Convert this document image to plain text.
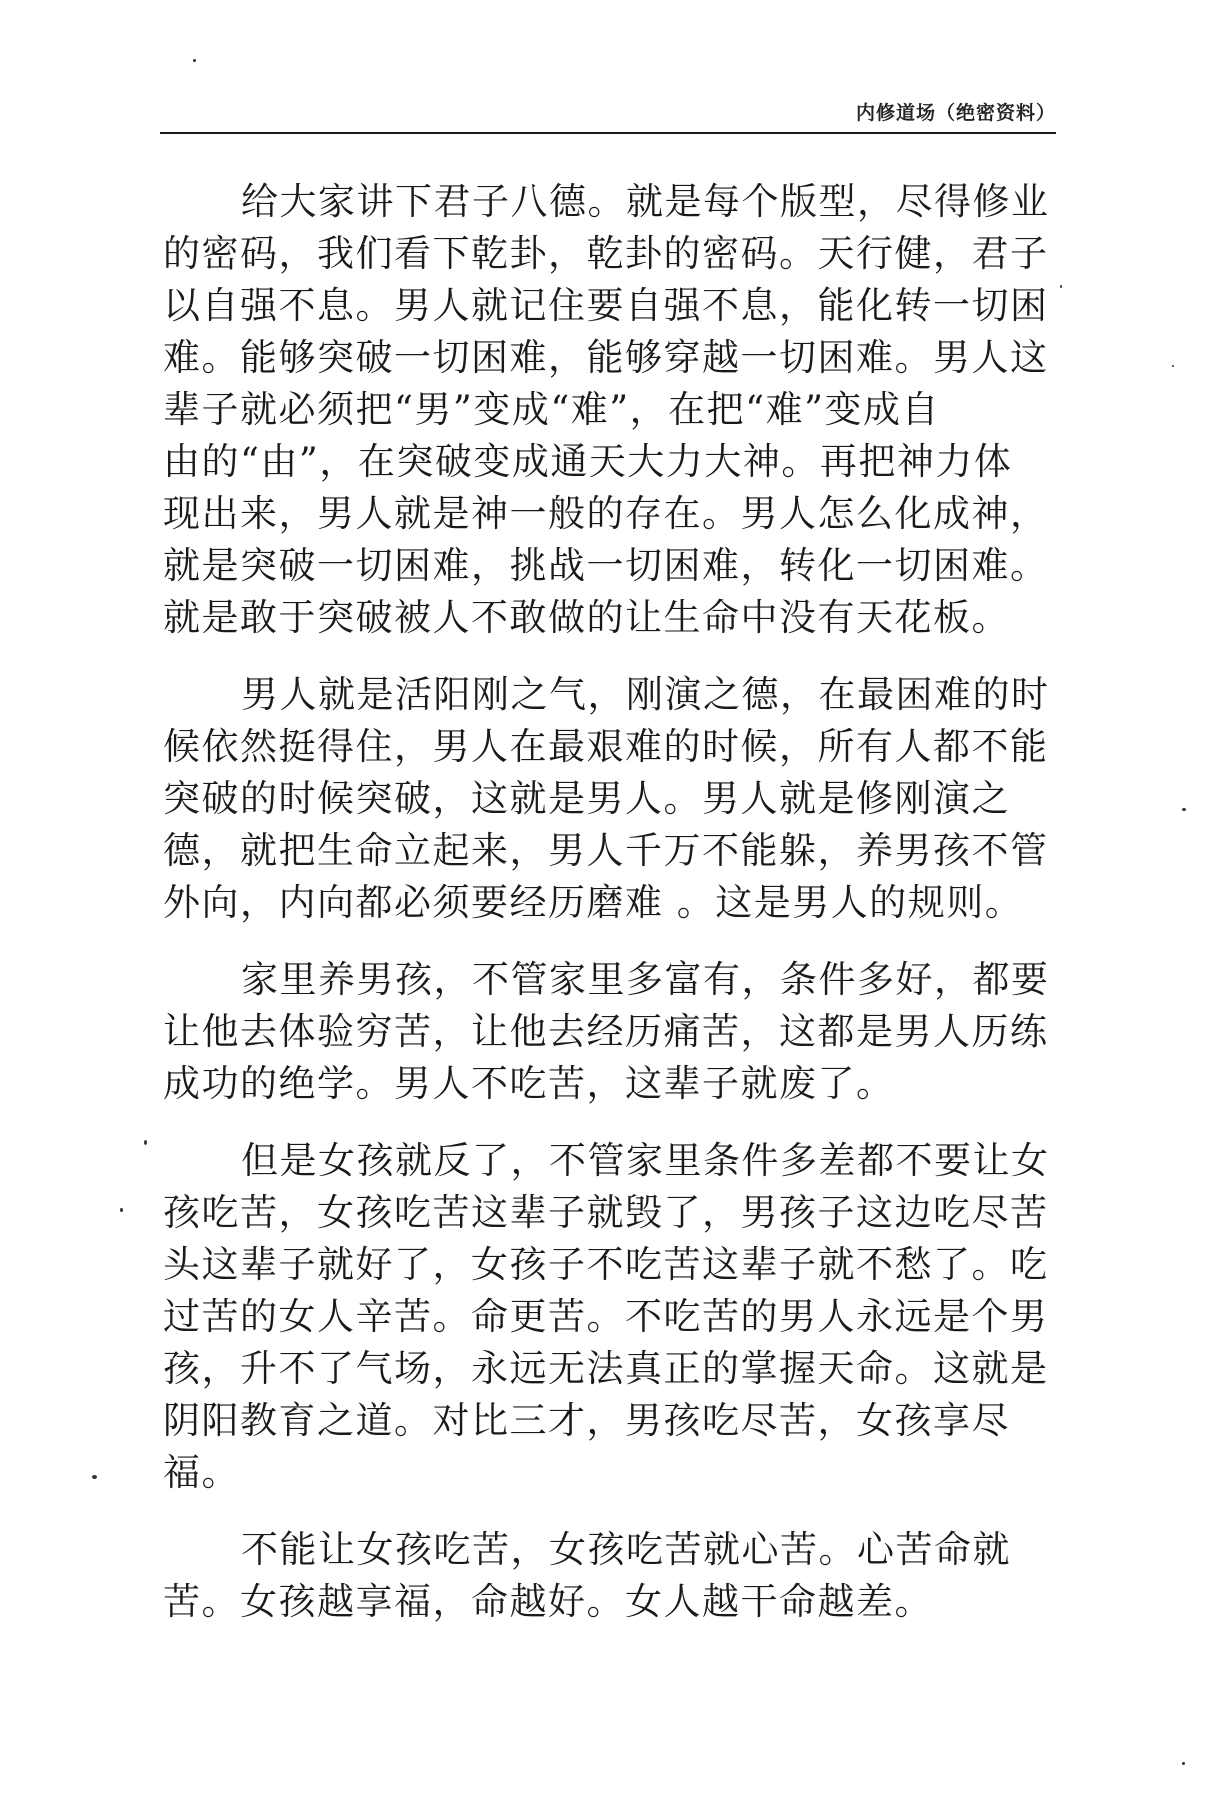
内修道场（绝密资料）
给大家讲下君子八德。就是每个版型，尽得修业
的密码，我们看下乾卦，乾卦的密码。天行健，君子
以自强不息。男人就记住要自强不息，能化转一切困
难。能够突破一切困难，能够穿越一切困难。男人这
辈子就必须把“男”变成“难”，在把“难”变成自
由的“由”，在突破变成通天大力大神。再把神力体
现出来，男人就是神一般的存在。男人怎么化成神，
就是突破一切困难，挑战一切困难，转化一切困难。
就是敢于突破被人不敢做的让生命中没有天花板。
男人就是活阳刚之气，刚演之德，在最困难的时
候依然挺得住，男人在最艰难的时候，所有人都不能
突破的时候突破，这就是男人。男人就是修刚演之
德，就把生命立起来，男人千万不能躲，养男孩不管
外向，内向都必须要经历磨难 。这是男人的规则。
家里养男孩，不管家里多富有，条件多好，都要
让他去体验穷苦，让他去经历痛苦，这都是男人历练
成功的绝学。男人不吃苦，这辈子就废了。
但是女孩就反了，不管家里条件多差都不要让女
孩吃苦，女孩吃苦这辈子就毁了，男孩子这边吃尽苦
头这辈子就好了，女孩子不吃苦这辈子就不愁了。吃
过苦的女人辛苦。命更苦。不吃苦的男人永远是个男
孩，升不了气场，永远无法真正的掌握天命。这就是
阴阳教育之道。对比三才，男孩吃尽苦，女孩享尽
福。
不能让女孩吃苦，女孩吃苦就心苦。心苦命就
苦。女孩越享福，命越好。女人越干命越差。
